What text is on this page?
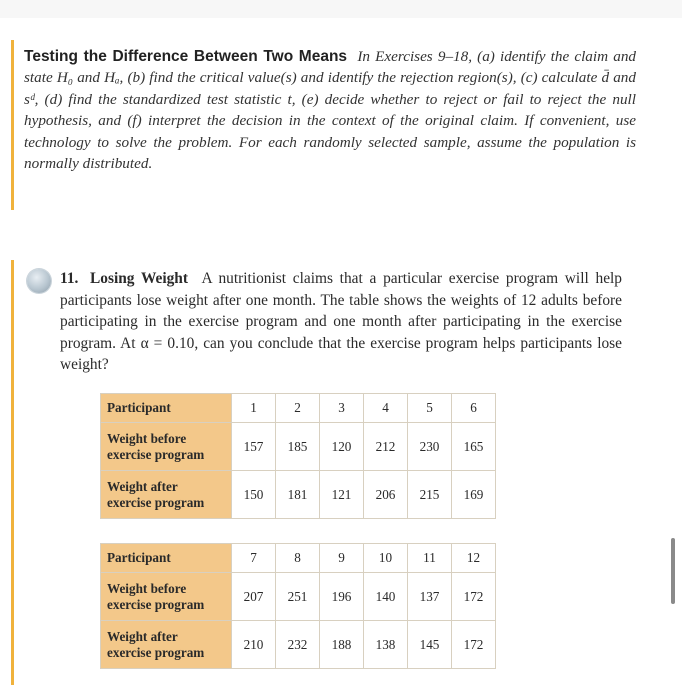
Testing the Difference Between Two Means In Exercises 9–18, (a) identify the claim and state H₀ and Hₐ, (b) find the critical value(s) and identify the rejection region(s), (c) calculate d̄ and sᵈ, (d) find the standardized test statistic t, (e) decide whether to reject or fail to reject the null hypothesis, and (f) interpret the decision in the context of the original claim. If convenient, use technology to solve the problem. For each randomly selected sample, assume the population is normally distributed.
11. Losing Weight A nutritionist claims that a particular exercise program will help participants lose weight after one month. The table shows the weights of 12 adults before participating in the exercise program and one month after participating in the exercise program. At α = 0.10, can you conclude that the exercise program helps participants lose weight?
Participant	1	2	3	4	5	6
Weight before exercise program	157	185	120	212	230	165
Weight after exercise program	150	181	121	206	215	169
Participant	7	8	9	10	11	12
Weight before exercise program	207	251	196	140	137	172
Weight after exercise program	210	232	188	138	145	172
